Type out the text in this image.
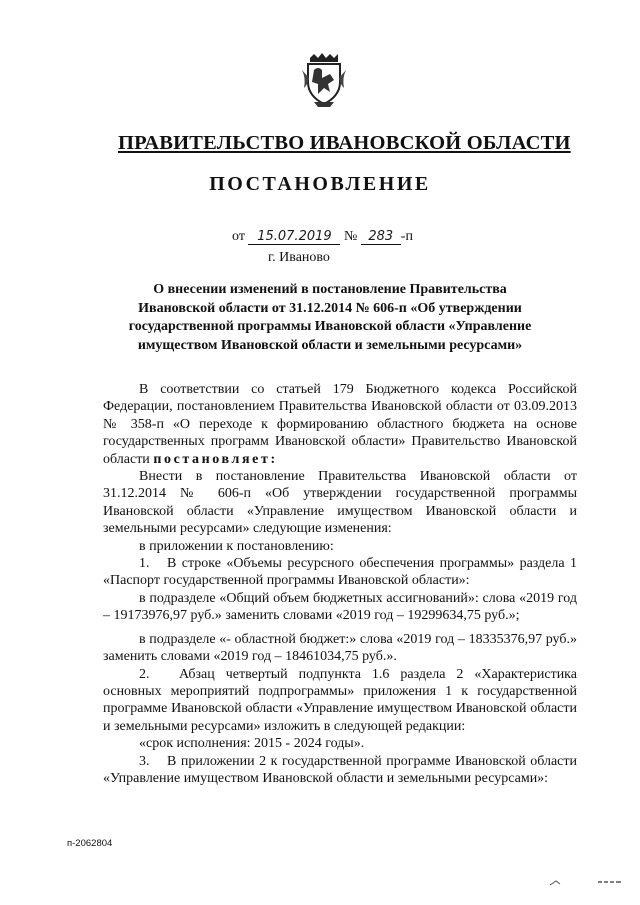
ПРАВИТЕЛЬСТВО ИВАНОВСКОЙ ОБЛАСТИ
ПОСТАНОВЛЕНИЕ
от 15.07.2019 № 283 -п
г. Иваново
О внесении изменений в постановление Правительства Ивановской области от 31.12.2014 № 606-п «Об утверждении государственной программы Ивановской области «Управление имуществом Ивановской области и земельными ресурсами»

В соответствии со статьей 179 Бюджетного кодекса Российской Федерации, постановлением Правительства Ивановской области от 03.09.2013 № 358-п «О переходе к формированию областного бюджета на основе государственных программ Ивановской области» Правительство Ивановской области постановляет:

Внести в постановление Правительства Ивановской области от 31.12.2014 № 606-п «Об утверждении государственной программы Ивановской области «Управление имуществом Ивановской области и земельными ресурсами» следующие изменения:

в приложении к постановлению:

1. В строке «Объемы ресурсного обеспечения программы» раздела 1 «Паспорт государственной программы Ивановской области»:

в подразделе «Общий объем бюджетных ассигнований»: слова «2019 год – 19173976,97 руб.» заменить словами «2019 год – 19299634,75 руб.»;

в подразделе «- областной бюджет:» слова «2019 год – 18335376,97 руб.» заменить словами «2019 год – 18461034,75 руб.».

2. Абзац четвертый подпункта 1.6 раздела 2 «Характеристика основных мероприятий подпрограммы» приложения 1 к государственной программе Ивановской области «Управление имуществом Ивановской области и земельными ресурсами» изложить в следующей редакции:

«срок исполнения: 2015 - 2024 годы».

3. В приложении 2 к государственной программе Ивановской области «Управление имуществом Ивановской области и земельными ресурсами»:

п-2062804
